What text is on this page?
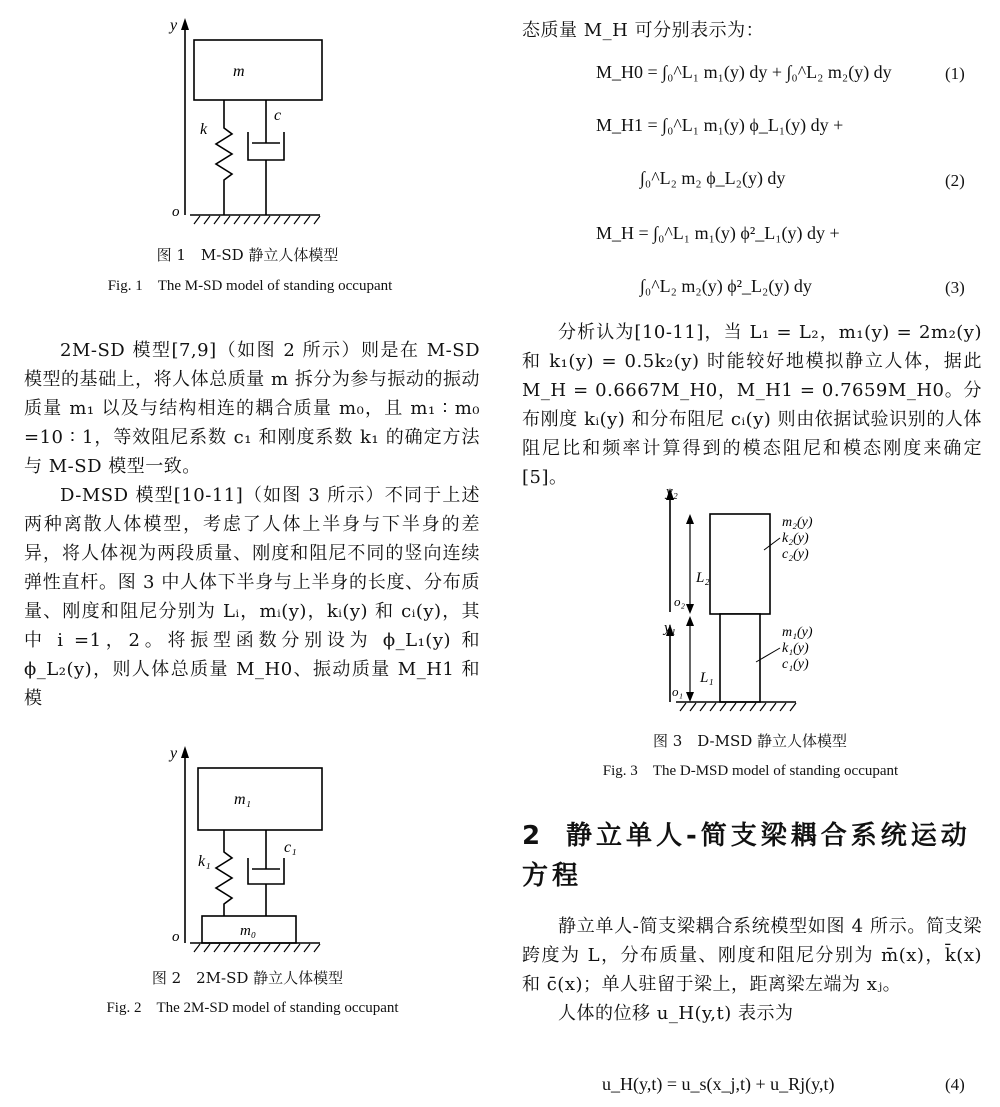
y
m
k
c
o
图 1　M-SD 静立人体模型
Fig. 1　The M-SD model of standing occupant

2M-SD 模型[7,9]（如图 2 所示）则是在 M-SD 模型的基础上，将人体总质量 m 拆分为参与振动的振动质量 m₁ 以及与结构相连的耦合质量 m₀，且 m₁ ∶ m₀ =10 ∶ 1，等效阻尼系数 c₁ 和刚度系数 k₁ 的确定方法与 M-SD 模型一致。

D-MSD 模型[10-11]（如图 3 所示）不同于上述两种离散人体模型，考虑了人体上半身与下半身的差异，将人体视为两段质量、刚度和阻尼不同的竖向连续弹性直杆。图 3 中人体下半身与上半身的长度、分布质量、刚度和阻尼分别为 Lᵢ，mᵢ(y)，kᵢ(y) 和 cᵢ(y)，其中 i =1，2。将振型函数分别设为 ϕ_L₁(y) 和 ϕ_L₂(y)，则人体总质量 M_H0、振动质量 M_H1 和模

y
m₁
k₁
c₁
m₀
o
图 2　2M-SD 静立人体模型
Fig. 2　The 2M-SD model of standing occupant
态质量 M_H 可分别表示为：
M_H0 = ∫₀^L₁ m₁(y) dy + ∫₀^L₂ m₂(y) dy	(1)
M_H1 = ∫₀^L₁ m₁(y) ϕ_L₁(y) dy +
∫₀^L₂ m₂ ϕ_L₂(y) dy	(2)
M_H = ∫₀^L₁ m₁(y) ϕ²_L₁(y) dy +
∫₀^L₂ m₂(y) ϕ²_L₂(y) dy	(3)

分析认为[10-11]，当 L₁ = L₂，m₁(y) = 2m₂(y) 和 k₁(y) = 0.5k₂(y) 时能较好地模拟静立人体，据此 M_H = 0.6667M_H0，M_H1 = 0.7659M_H0。分布刚度 kᵢ(y) 和分布阻尼 cᵢ(y) 则由依据试验识别的人体阻尼比和频率计算得到的模态阻尼和模态刚度来确定[5]。

y₂
L₂
o₂
m₂(y)
k₂(y)
c₂(y)
y₁
L₁
o₁
m₁(y)
k₁(y)
c₁(y)
图 3　D-MSD 静立人体模型
Fig. 3　The D-MSD model of standing occupant
2 静立单人-简支梁耦合系统运动方程

静立单人-简支梁耦合系统模型如图 4 所示。简支梁跨度为 L，分布质量、刚度和阻尼分别为 m̄(x)，k̄(x) 和 c̄(x)；单人驻留于梁上，距离梁左端为 xⱼ。

人体的位移 u_H(y,t) 表示为

u_H(y,t) = u_s(x_j,t) + u_Rj(y,t)	(4)
